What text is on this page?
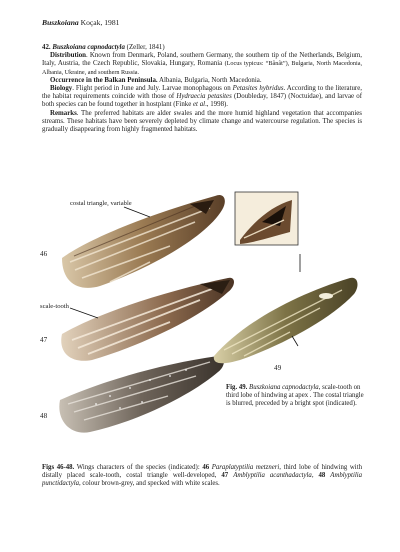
Buszkoiana Koçak, 1981

42. Buszkoiana capnodactyla (Zeller, 1841)

Distribution. Known from Denmark, Poland, southern Germany, the southern tip of the Netherlands, Belgium, Italy, Austria, the Czech Republic, Slovakia, Hungary, Romania (Locus typicus: “Bânât”), Bulgaria, North Macedonia, Albania, Ukraine, and southern Russia.

Occurrence in the Balkan Peninsula. Albania, Bulgaria, North Macedonia.

Biology. Flight period in June and July. Larvae monophagous on Petasites hybridus. According to the literature, the habitat requirements coincide with those of Hydraecia petasites (Doubleday, 1847) (Noctuidae), and larvae of both species can be found together in hostplant (Finke et al., 1998).

Remarks. The preferred habitats are alder swales and the more humid highland vegetation that accompanies streams. These habitats have been severely depleted by climate change and watercourse regulation. The species is gradually disappearing from highly fragmented habitats.

costal triangle, variable
scale-tooth
46
47
48
49
Fig. 49. Buszkoiana capnodactyla, scale-tooth on third lobe of hindwing at apex . The costal triangle is blurred, preceded by a bright spot (indicated).
Figs 46-48. Wings characters of the species (indicated): 46 Paraplatyptilia metzneri, third lobe of hindwing with distally placed scale-tooth, costal triangle well-developed, 47 Amblyptilia acanthadactyla, 48 Amblyptilia punctidactyla, colour brown-grey, and specked with white scales.
